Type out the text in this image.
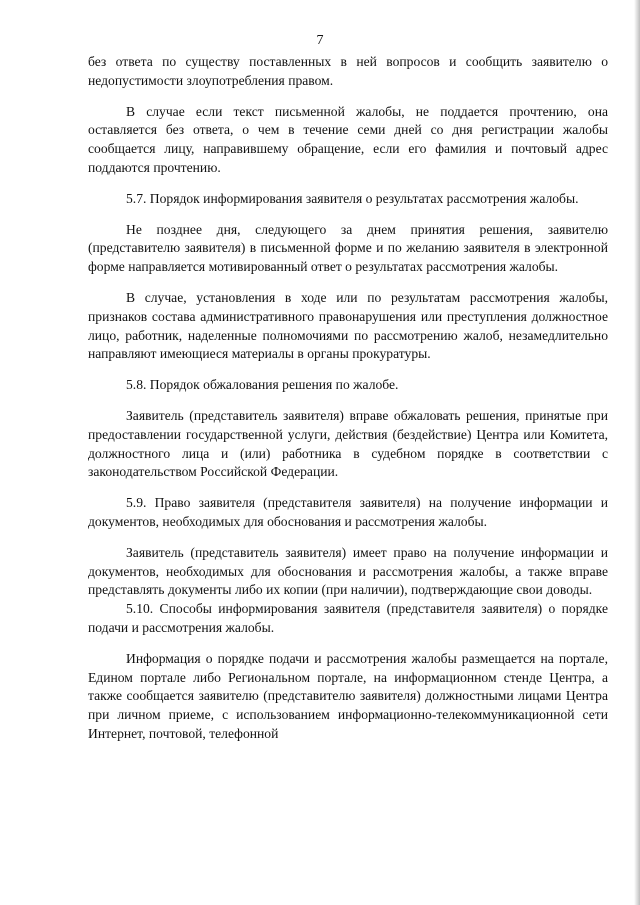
7

без ответа по существу поставленных в ней вопросов и сообщить заявителю о недопустимости злоупотребления правом.

В случае если текст письменной жалобы, не поддается прочтению, она оставляется без ответа, о чем в течение семи дней со дня регистрации жалобы сообщается лицу, направившему обращение, если его фамилия и почтовый адрес поддаются прочтению.

5.7. Порядок информирования заявителя о результатах рассмотрения жалобы.

Не позднее дня, следующего за днем принятия решения, заявителю (представителю заявителя) в письменной форме и по желанию заявителя в электронной форме направляется мотивированный ответ о результатах рассмотрения жалобы.

В случае, установления в ходе или по результатам рассмотрения жалобы, признаков состава административного правонарушения или преступления должностное лицо, работник, наделенные полномочиями по рассмотрению жалоб, незамедлительно направляют имеющиеся материалы в органы прокуратуры.

5.8. Порядок обжалования решения по жалобе.

Заявитель (представитель заявителя) вправе обжаловать решения, принятые при предоставлении государственной услуги, действия (бездействие) Центра или Комитета, должностного лица и (или) работника в судебном порядке в соответствии с законодательством Российской Федерации.

5.9. Право заявителя (представителя заявителя) на получение информации и документов, необходимых для обоснования и рассмотрения жалобы.

Заявитель (представитель заявителя) имеет право на получение информации и документов, необходимых для обоснования и рассмотрения жалобы, а также вправе представлять документы либо их копии (при наличии), подтверждающие свои доводы.

5.10. Способы информирования заявителя (представителя заявителя) о порядке подачи и рассмотрения жалобы.

Информация о порядке подачи и рассмотрения жалобы размещается на портале, Едином портале либо Региональном портале, на информационном стенде Центра, а также сообщается заявителю (представителю заявителя) должностными лицами Центра при личном приеме, с использованием информационно-телекоммуникационной сети Интернет, почтовой, телефонной
